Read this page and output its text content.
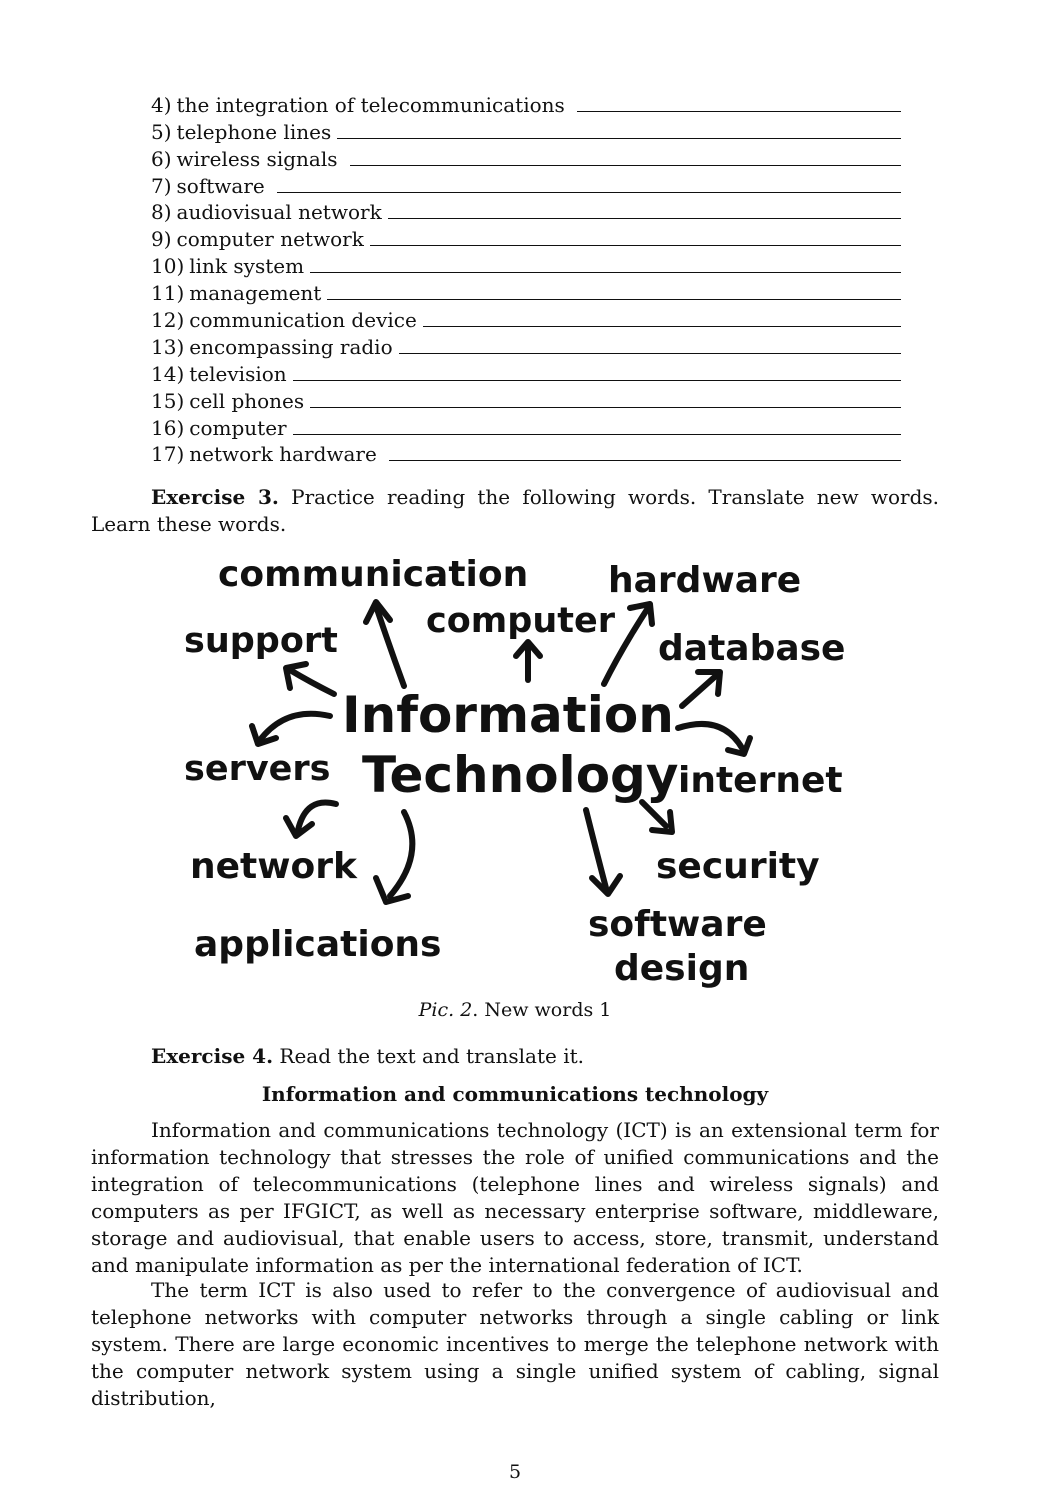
4) the integration of telecommunications
5) telephone lines
6) wireless signals
7) software
8) audiovisual network
9) computer network
10) link system
11) management
12) communication device
13) encompassing radio
14) television
15) cell phones
16) computer
17) network hardware

Exercise 3. Practice reading the following words. Translate new words. Learn these words.

communication hardware
computer
support	database
Information
Technology
servers	internet
network	security
applications	software
design
Pic. 2. New words 1

Exercise 4. Read the text and translate it.

Information and communications technology

Information and communications technology (ICT) is an extensional term for information technology that stresses the role of unified communications and the integration of telecommunications (telephone lines and wireless signals) and computers as per IFGICT, as well as necessary enterprise software, middleware, storage and audiovisual, that enable users to access, store, transmit, understand and manipulate information as per the international federation of ICT.

The term ICT is also used to refer to the convergence of audiovisual and telephone networks with computer networks through a single cabling or link system. There are large economic incentives to merge the telephone network with the computer network system using a single unified system of cabling, signal distribution,

5
